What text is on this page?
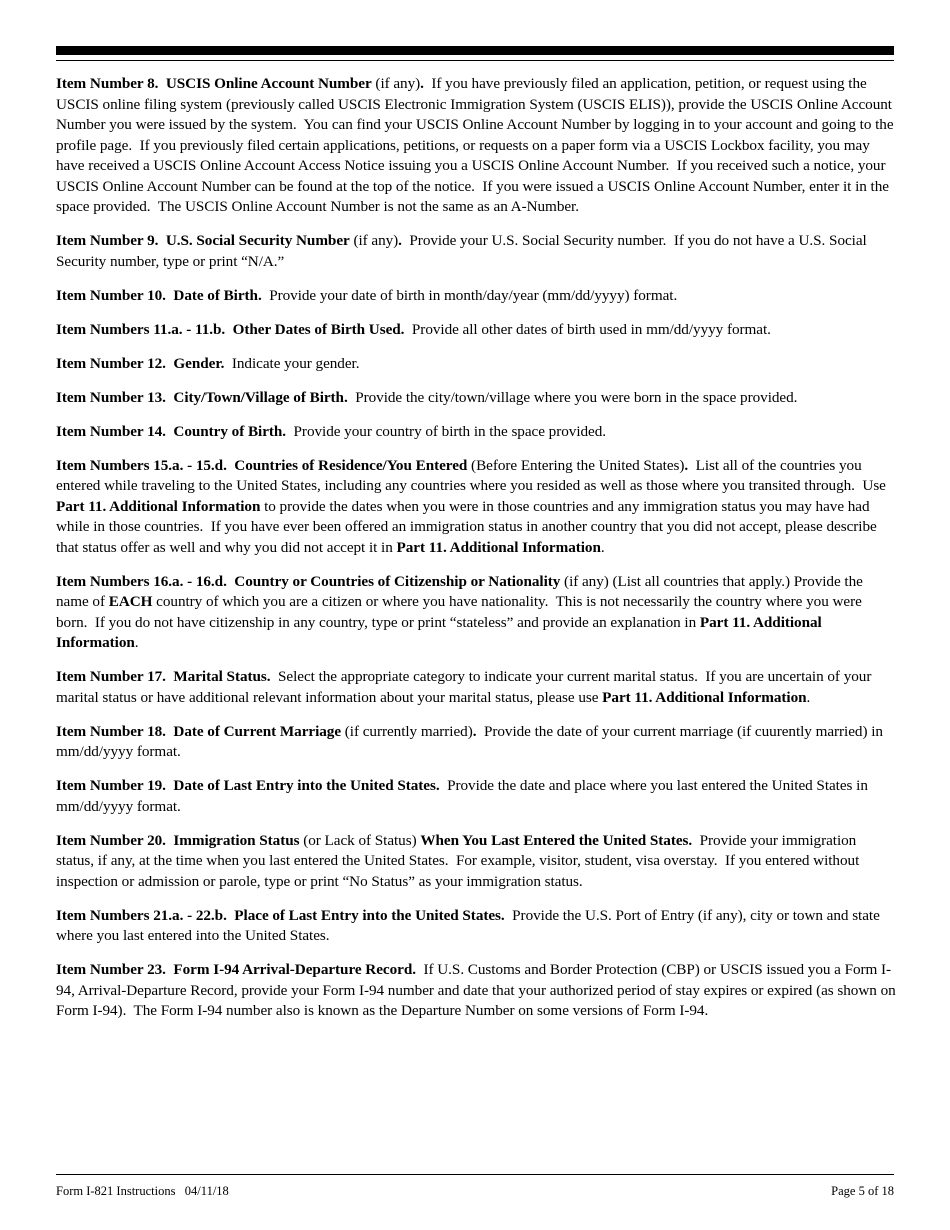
Item Number 8.  USCIS Online Account Number (if any).  If you have previously filed an application, petition, or request using the USCIS online filing system (previously called USCIS Electronic Immigration System (USCIS ELIS)), provide the USCIS Online Account Number you were issued by the system.  You can find your USCIS Online Account Number by logging in to your account and going to the profile page.  If you previously filed certain applications, petitions, or requests on a paper form via a USCIS Lockbox facility, you may have received a USCIS Online Account Access Notice issuing you a USCIS Online Account Number.  If you received such a notice, your USCIS Online Account Number can be found at the top of the notice.  If you were issued a USCIS Online Account Number, enter it in the space provided.  The USCIS Online Account Number is not the same as an A-Number.

Item Number 9.  U.S. Social Security Number (if any).  Provide your U.S. Social Security number.  If you do not have a U.S. Social Security number, type or print “N/A.”

Item Number 10.  Date of Birth.  Provide your date of birth in month/day/year (mm/dd/yyyy) format.

Item Numbers 11.a. - 11.b.  Other Dates of Birth Used.  Provide all other dates of birth used in mm/dd/yyyy format.

Item Number 12.  Gender.  Indicate your gender.

Item Number 13.  City/Town/Village of Birth.  Provide the city/town/village where you were born in the space provided.

Item Number 14.  Country of Birth.  Provide your country of birth in the space provided.

Item Numbers 15.a. - 15.d.  Countries of Residence/You Entered (Before Entering the United States).  List all of the countries you entered while traveling to the United States, including any countries where you resided as well as those where you transited through.  Use Part 11. Additional Information to provide the dates when you were in those countries and any immigration status you may have had while in those countries.  If you have ever been offered an immigration status in another country that you did not accept, please describe that status offer as well and why you did not accept it in Part 11. Additional Information.

Item Numbers 16.a. - 16.d.  Country or Countries of Citizenship or Nationality (if any) (List all countries that apply.) Provide the name of EACH country of which you are a citizen or where you have nationality.  This is not necessarily the country where you were born.  If you do not have citizenship in any country, type or print “stateless” and provide an explanation in Part 11. Additional Information.

Item Number 17.  Marital Status.  Select the appropriate category to indicate your current marital status.  If you are uncertain of your marital status or have additional relevant information about your marital status, please use Part 11. Additional Information.

Item Number 18.  Date of Current Marriage (if currently married).  Provide the date of your current marriage (if cuurently married) in mm/dd/yyyy format.

Item Number 19.  Date of Last Entry into the United States.  Provide the date and place where you last entered the United States in mm/dd/yyyy format.

Item Number 20.  Immigration Status (or Lack of Status) When You Last Entered the United States.  Provide your immigration status, if any, at the time when you last entered the United States.  For example, visitor, student, visa overstay.  If you entered without inspection or admission or parole, type or print “No Status” as your immigration status.

Item Numbers 21.a. - 22.b.  Place of Last Entry into the United States.  Provide the U.S. Port of Entry (if any), city or town and state where you last entered into the United States.

Item Number 23.  Form I-94 Arrival-Departure Record.  If U.S. Customs and Border Protection (CBP) or USCIS issued you a Form I-94, Arrival-Departure Record, provide your Form I-94 number and date that your authorized period of stay expires or expired (as shown on Form I-94).  The Form I-94 number also is known as the Departure Number on some versions of Form I-94.

Form I-821 Instructions   04/11/18	Page 5 of 18
